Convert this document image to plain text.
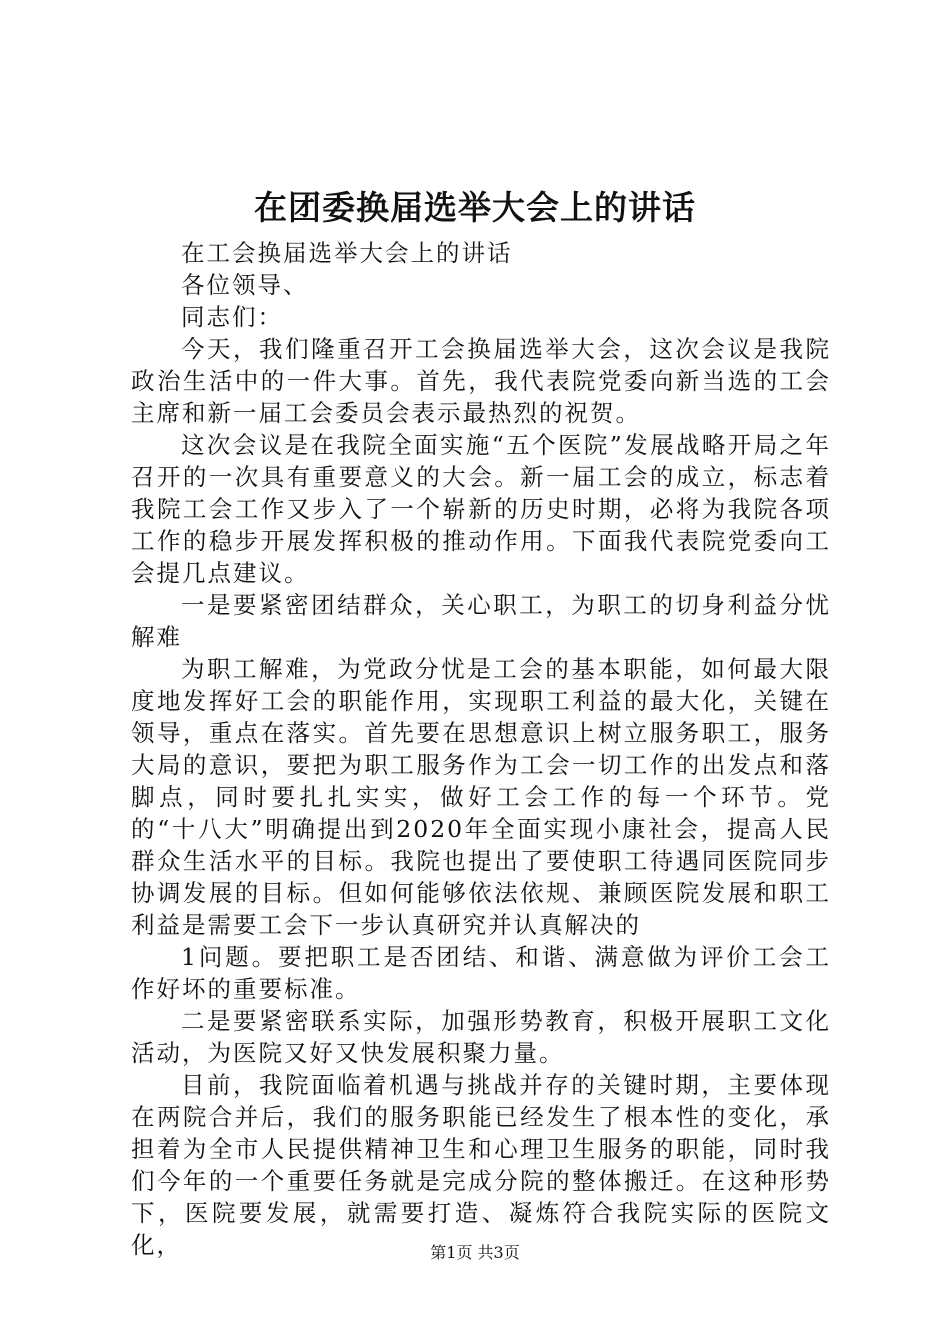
在团委换届选举大会上的讲话

在工会换届选举大会上的讲话

各位领导、

同志们：

今天，我们隆重召开工会换届选举大会，这次会议是我院政治生活中的一件大事。首先，我代表院党委向新当选的工会主席和新一届工会委员会表示最热烈的祝贺。

这次会议是在我院全面实施“五个医院”发展战略开局之年召开的一次具有重要意义的大会。新一届工会的成立，标志着我院工会工作又步入了一个崭新的历史时期，必将为我院各项工作的稳步开展发挥积极的推动作用。下面我代表院党委向工会提几点建议。

一是要紧密团结群众，关心职工，为职工的切身利益分忧解难

为职工解难，为党政分忧是工会的基本职能，如何最大限度地发挥好工会的职能作用，实现职工利益的最大化，关键在领导，重点在落实。首先要在思想意识上树立服务职工，服务大局的意识，要把为职工服务作为工会一切工作的出发点和落脚点，同时要扎扎实实，做好工会工作的每一个环节。党的“十八大”明确提出到2020年全面实现小康社会，提高人民群众生活水平的目标。我院也提出了要使职工待遇同医院同步协调发展的目标。但如何能够依法依规、兼顾医院发展和职工利益是需要工会下一步认真研究并认真解决的

1问题。要把职工是否团结、和谐、满意做为评价工会工作好坏的重要标准。

二是要紧密联系实际，加强形势教育，积极开展职工文化活动，为医院又好又快发展积聚力量。

目前，我院面临着机遇与挑战并存的关键时期，主要体现在两院合并后，我们的服务职能已经发生了根本性的变化，承担着为全市人民提供精神卫生和心理卫生服务的职能，同时我们今年的一个重要任务就是完成分院的整体搬迁。在这种形势下，医院要发展，就需要打造、凝炼符合我院实际的医院文化，	第1页 共3页
